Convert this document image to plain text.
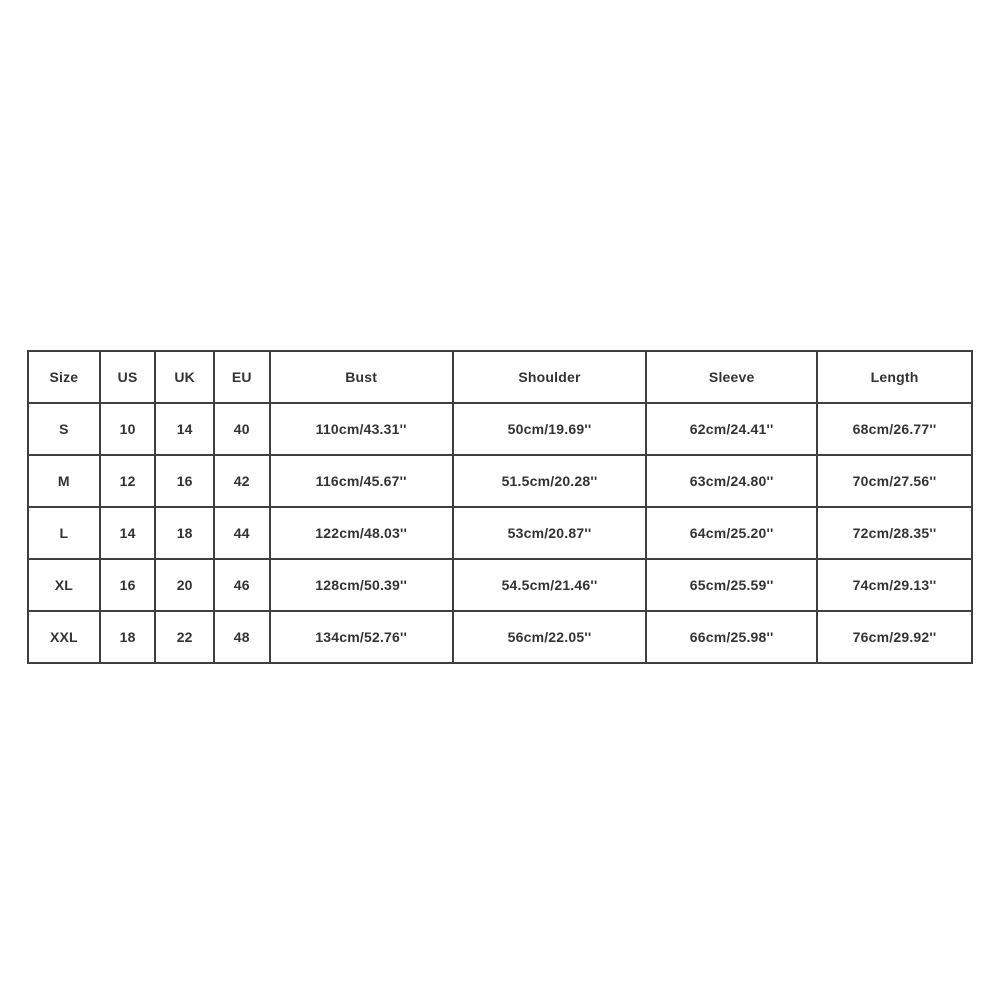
Size	US	UK	EU	Bust	Shoulder	Sleeve	Length
S	10	14	40	110cm/43.31''	50cm/19.69''	62cm/24.41''	68cm/26.77''
M	12	16	42	116cm/45.67''	51.5cm/20.28''	63cm/24.80''	70cm/27.56''
L	14	18	44	122cm/48.03''	53cm/20.87''	64cm/25.20''	72cm/28.35''
XL	16	20	46	128cm/50.39''	54.5cm/21.46''	65cm/25.59''	74cm/29.13''
XXL	18	22	48	134cm/52.76''	56cm/22.05''	66cm/25.98''	76cm/29.92''
